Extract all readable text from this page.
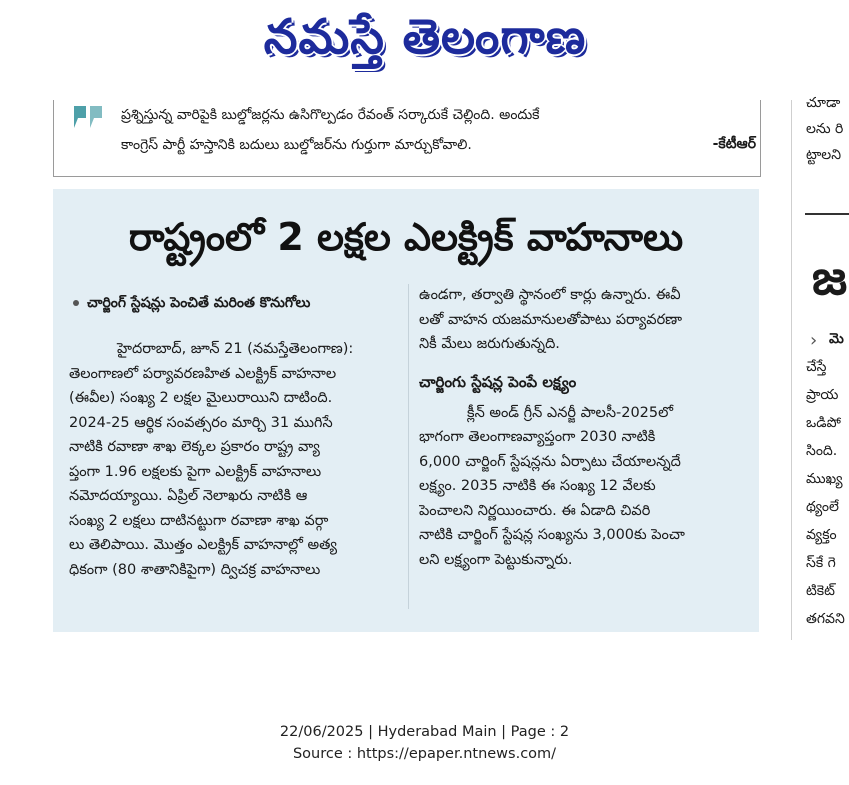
నమస్తే తెలంగాణ
ప్రశ్నిస్తున్న వారిపైకి బుల్డోజర్లను ఉసిగొల్పడం రేవంత్ సర్కారుకే చెల్లింది. అందుకే
కాంగ్రెస్ పార్టీ హస్తానికి బదులు బుల్డోజర్‌ను గుర్తుగా మార్చుకోవాలి.	-కేటీఆర్
చూడా
లను రి
ట్టాలని
జ
› మె
చేస్తే
ప్రాయ
ఒడిపో
సింది.
ముఖ్య
థ్యంలే
వ్యక్తం
స్‌కే గె
టికెట్
తగవని
రాష్ట్రంలో 2 లక్షల ఎలక్ట్రిక్ వాహనాలు
చార్జింగ్ స్టేషన్లు పెంచితే మరింత కొనుగోలు
హైదరాబాద్, జూన్ 21 (నమస్తేతెలంగాణ):
తెలంగాణలో పర్యావరణహిత ఎలక్ట్రిక్ వాహనాల
(ఈవీల) సంఖ్య 2 లక్షల మైలురాయిని దాటింది.
2024-25 ఆర్థిక సంవత్సరం మార్చి 31 ముగిసే
నాటికి రవాణా శాఖ లెక్కల ప్రకారం రాష్ట్ర వ్యా
ప్తంగా 1.96 లక్షలకు పైగా ఎలక్ట్రిక్ వాహనాలు
నమోదయ్యాయి. ఏప్రిల్ నెలాఖరు నాటికి ఆ
సంఖ్య 2 లక్షలు దాటినట్టుగా రవాణా శాఖ వర్గా
లు తెలిపాయి. మొత్తం ఎలక్ట్రిక్ వాహనాల్లో అత్య
ధికంగా (80 శాతానికిపైగా) ద్విచక్ర వాహనాలు
ఉండగా, తర్వాతి స్థానంలో కార్లు ఉన్నారు. ఈవీ
లతో వాహన యజమానులతోపాటు పర్యావరణా
నికీ మేలు జరుగుతున్నది.
చార్జింగు స్టేషన్ల పెంపే లక్ష్యం
క్లీన్ అండ్ గ్రీన్ ఎనర్జీ పాలసీ-2025లో
భాగంగా తెలంగాణవ్యాప్తంగా 2030 నాటికి
6,000 చార్జింగ్ స్టేషన్లను ఏర్పాటు చేయాలన్నదే
లక్ష్యం. 2035 నాటికి ఈ సంఖ్య 12 వేలకు
పెంచాలని నిర్ణయించారు. ఈ ఏడాది చివరి
నాటికి చార్జింగ్ స్టేషన్ల సంఖ్యను 3,000కు పెంచా
లని లక్ష్యంగా పెట్టుకున్నారు.
22/06/2025 | Hyderabad Main | Page : 2
Source : https://epaper.ntnews.com/
